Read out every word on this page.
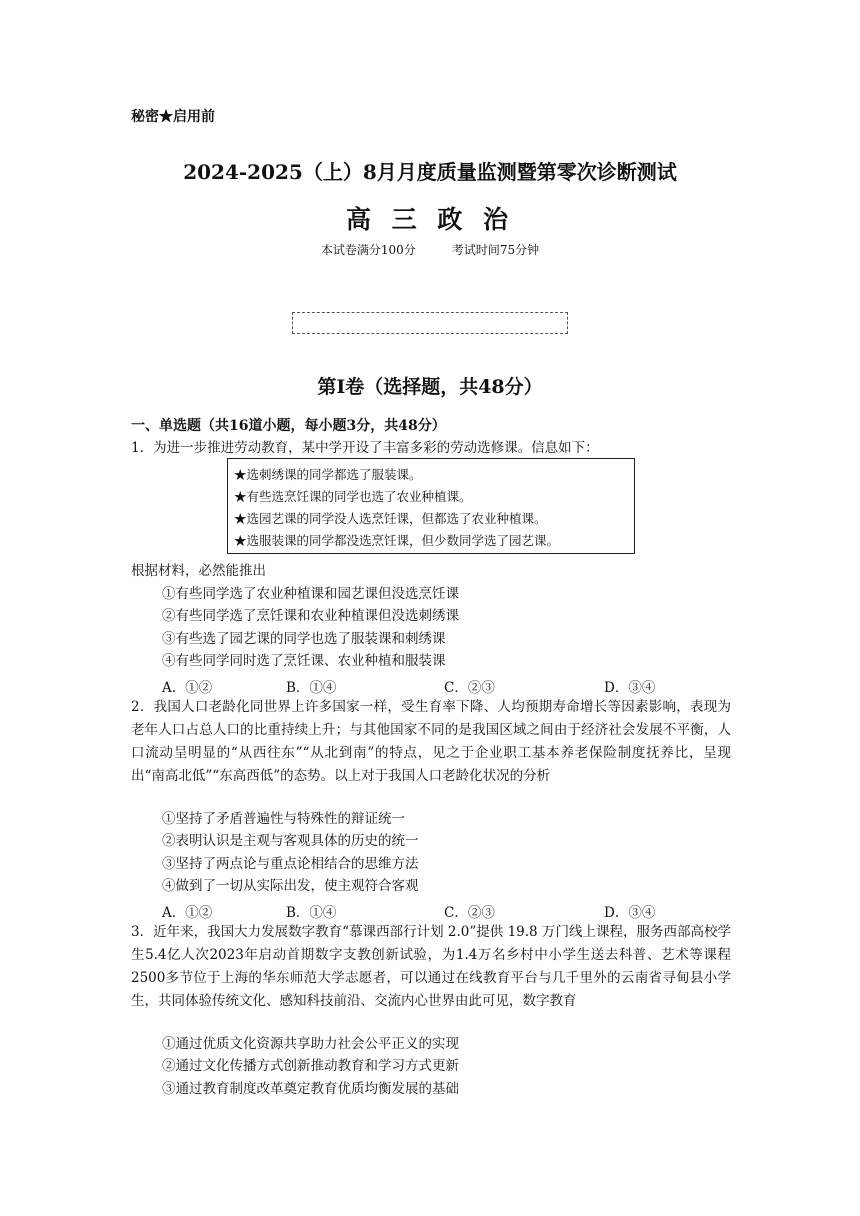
秘密★启用前
2024-2025（上）8月月度质量监测暨第零次诊断测试
高 三 政 治
本试卷满分100分	考试时间75分钟
第Ⅰ卷（选择题，共48分）
一、单选题（共16道小题，每小题3分，共48分）
1．为进一步推进劳动教育，某中学开设了丰富多彩的劳动选修课。信息如下：
★选刺绣课的同学都选了服装课。
★有些选烹饪课的同学也选了农业种植课。
★选园艺课的同学没人选烹饪课，但都选了农业种植课。
★选服装课的同学都没选烹饪课，但少数同学选了园艺课。
根据材料，必然能推出
①有些同学选了农业种植课和园艺课但没选烹饪课
②有些同学选了烹饪课和农业种植课但没选刺绣课
③有些选了园艺课的同学也选了服装课和刺绣课
④有些同学同时选了烹饪课、农业种植和服装课
A．①②	B．①④	C．②③	D．③④
2．我国人口老龄化同世界上许多国家一样，受生育率下降、人均预期寿命增长等因素影响，表现为老年人口占总人口的比重持续上升；与其他国家不同的是我国区域之间由于经济社会发展不平衡，人口流动呈明显的“从西往东”“从北到南”的特点，见之于企业职工基本养老保险制度抚养比，呈现出“南高北低”“东高西低”的态势。以上对于我国人口老龄化状况的分析
①坚持了矛盾普遍性与特殊性的辩证统一
②表明认识是主观与客观具体的历史的统一
③坚持了两点论与重点论相结合的思维方法
④做到了一切从实际出发，使主观符合客观
A．①②	B．①④	C．②③	D．③④
3．近年来，我国大力发展数字教育“慕课西部行计划 2.0”提供 19.8 万门线上课程，服务西部高校学生5.4亿人次2023年启动首期数字支教创新试验，为1.4万名乡村中小学生送去科普、艺术等课程2500多节位于上海的华东师范大学志愿者，可以通过在线教育平台与几千里外的云南省寻甸县小学生，共同体验传统文化、感知科技前沿、交流内心世界由此可见，数字教育
①通过优质文化资源共享助力社会公平正义的实现
②通过文化传播方式创新推动教育和学习方式更新
③通过教育制度改革奠定教育优质均衡发展的基础
